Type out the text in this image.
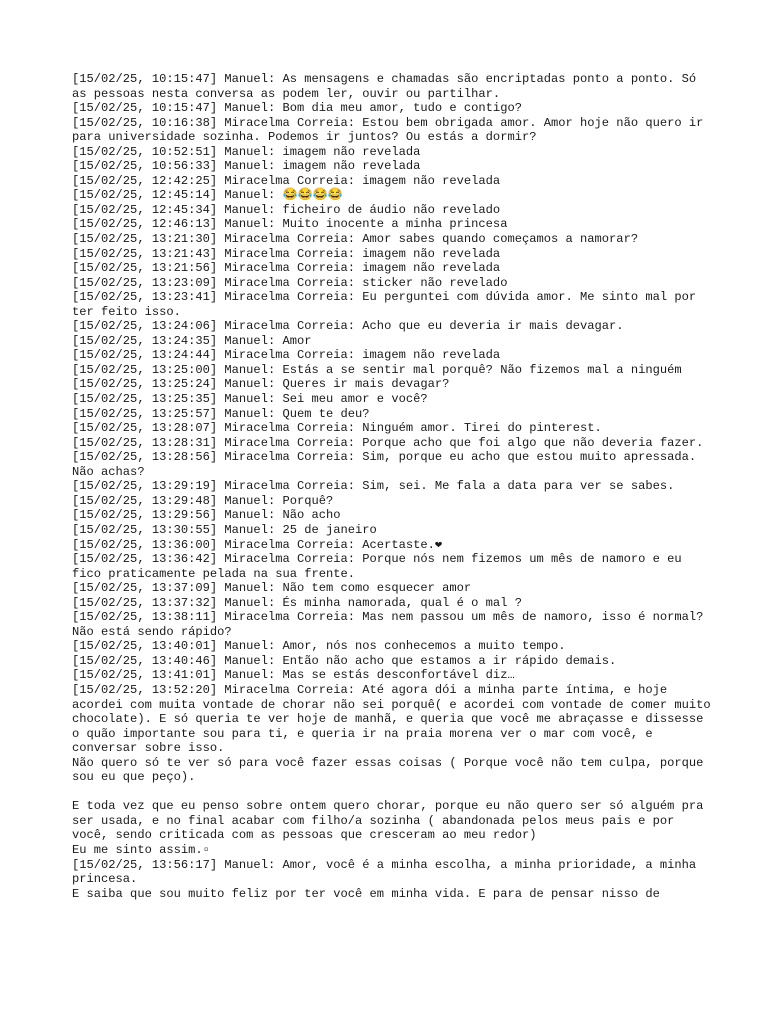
[15/02/25, 10:15:47] Manuel: As mensagens e chamadas são encriptadas ponto a ponto. Só as pessoas nesta conversa as podem ler, ouvir ou partilhar.
[15/02/25, 10:15:47] Manuel: Bom dia meu amor, tudo e contigo?
[15/02/25, 10:16:38] Miracelma Correia: Estou bem obrigada amor. Amor hoje não quero ir para universidade sozinha. Podemos ir juntos? Ou estás a dormir?
[15/02/25, 10:52:51] Manuel: imagem não revelada
[15/02/25, 10:56:33] Manuel: imagem não revelada
[15/02/25, 12:42:25] Miracelma Correia: imagem não revelada
[15/02/25, 12:45:14] Manuel: 😂😂😂😂
[15/02/25, 12:45:34] Manuel: ficheiro de áudio não revelado
[15/02/25, 12:46:13] Manuel: Muito inocente a minha princesa
[15/02/25, 13:21:30] Miracelma Correia: Amor sabes quando começamos a namorar?
[15/02/25, 13:21:43] Miracelma Correia: imagem não revelada
[15/02/25, 13:21:56] Miracelma Correia: imagem não revelada
[15/02/25, 13:23:09] Miracelma Correia: sticker não revelado
[15/02/25, 13:23:41] Miracelma Correia: Eu perguntei com dúvida amor. Me sinto mal por ter feito isso.
[15/02/25, 13:24:06] Miracelma Correia: Acho que eu deveria ir mais devagar.
[15/02/25, 13:24:35] Manuel: Amor
[15/02/25, 13:24:44] Miracelma Correia: imagem não revelada
[15/02/25, 13:25:00] Manuel: Estás a se sentir mal porquê? Não fizemos mal a ninguém
[15/02/25, 13:25:24] Manuel: Queres ir mais devagar?
[15/02/25, 13:25:35] Manuel: Sei meu amor e você?
[15/02/25, 13:25:57] Manuel: Quem te deu?
[15/02/25, 13:28:07] Miracelma Correia: Ninguém amor. Tirei do pinterest.
[15/02/25, 13:28:31] Miracelma Correia: Porque acho que foi algo que não deveria fazer.
[15/02/25, 13:28:56] Miracelma Correia: Sim, porque eu acho que estou muito apressada. Não achas?
[15/02/25, 13:29:19] Miracelma Correia: Sim, sei. Me fala a data para ver se sabes.
[15/02/25, 13:29:48] Manuel: Porquê?
[15/02/25, 13:29:56] Manuel: Não acho
[15/02/25, 13:30:55] Manuel: 25 de janeiro
[15/02/25, 13:36:00] Miracelma Correia: Acertaste.❤
[15/02/25, 13:36:42] Miracelma Correia: Porque nós nem fizemos um mês de namoro e eu fico praticamente pelada na sua frente.
[15/02/25, 13:37:09] Manuel: Não tem como esquecer amor
[15/02/25, 13:37:32] Manuel: És minha namorada, qual é o mal ?
[15/02/25, 13:38:11] Miracelma Correia: Mas nem passou um mês de namoro, isso é normal? Não está sendo rápido?
[15/02/25, 13:40:01] Manuel: Amor, nós nos conhecemos a muito tempo.
[15/02/25, 13:40:46] Manuel: Então não acho que estamos a ir rápido demais.
[15/02/25, 13:41:01] Manuel: Mas se estás desconfortável diz…
[15/02/25, 13:52:20] Miracelma Correia: Até agora dói a minha parte íntima, e hoje acordei com muita vontade de chorar não sei porquê( e acordei com vontade de comer muito chocolate). E só queria te ver hoje de manhã, e queria que você me abraçasse e dissesse o quão importante sou para ti, e queria ir na praia morena ver o mar com você, e conversar sobre isso.
Não quero só te ver só para você fazer essas coisas ( Porque você não tem culpa, porque sou eu que peço).
E toda vez que eu penso sobre ontem quero chorar, porque eu não quero ser só alguém pra ser usada, e no final acabar com filho/a sozinha ( abandonada pelos meus pais e por você, sendo criticada com as pessoas que cresceram ao meu redor)
Eu me sinto assim.▫
[15/02/25, 13:56:17] Manuel: Amor, você é a minha escolha, a minha prioridade, a minha princesa.
E saiba que sou muito feliz por ter você em minha vida. E para de pensar nisso de
